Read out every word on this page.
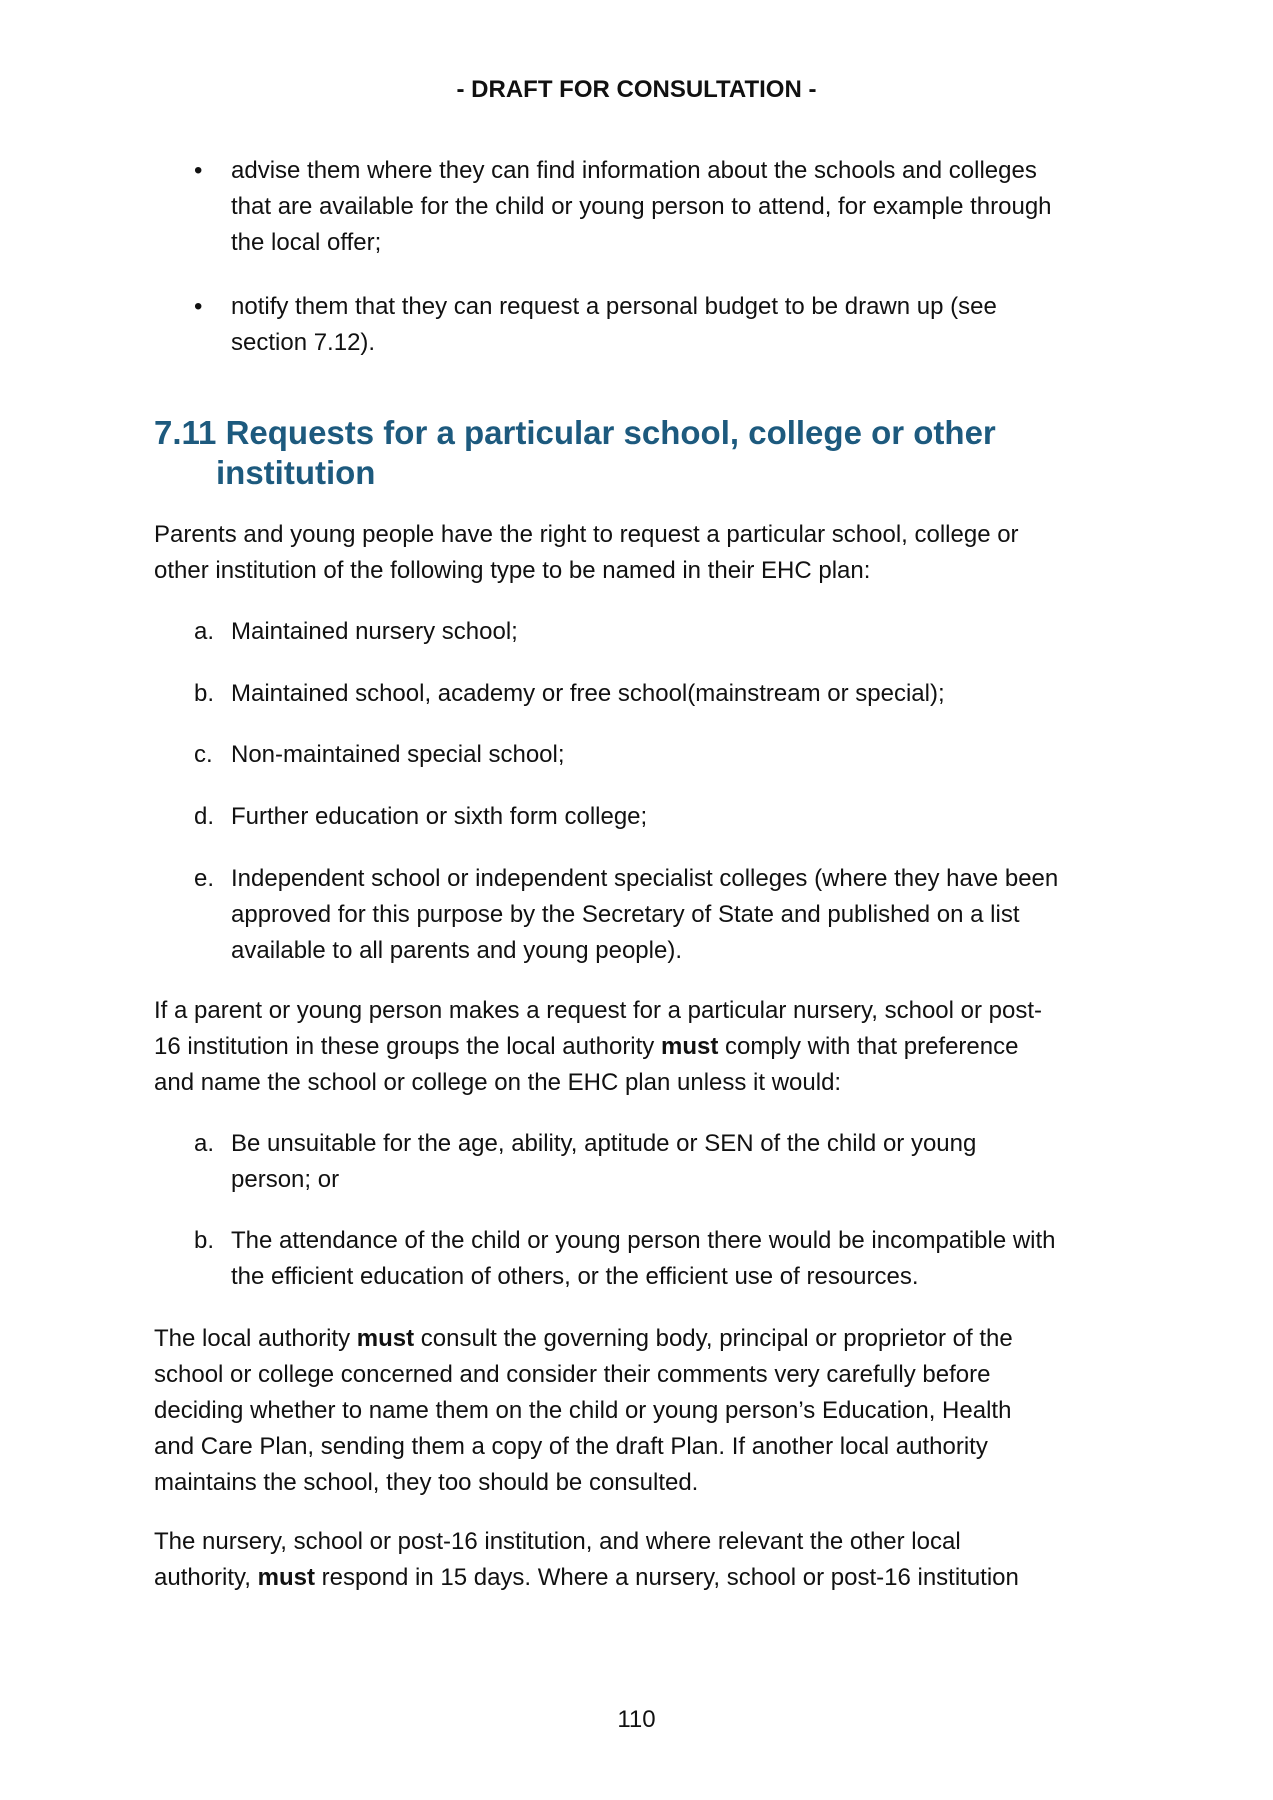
- DRAFT FOR CONSULTATION -
• advise them where they can find information about the schools and colleges
that are available for the child or young person to attend, for example through
the local offer;
• notify them that they can request a personal budget to be drawn up (see
section 7.12).
7.11 Requests for a particular school, college or other
institution
Parents and young people have the right to request a particular school, college or
other institution of the following type to be named in their EHC plan:
a. Maintained nursery school;
b. Maintained school, academy or free school(mainstream or special);
c. Non-maintained special school;
d. Further education or sixth form college;
e. Independent school or independent specialist colleges (where they have been
approved for this purpose by the Secretary of State and published on a list
available to all parents and young people).
If a parent or young person makes a request for a particular nursery, school or post-
16 institution in these groups the local authority must comply with that preference
and name the school or college on the EHC plan unless it would:
a. Be unsuitable for the age, ability, aptitude or SEN of the child or young
person; or
b. The attendance of the child or young person there would be incompatible with
the efficient education of others, or the efficient use of resources.
The local authority must consult the governing body, principal or proprietor of the
school or college concerned and consider their comments very carefully before
deciding whether to name them on the child or young person’s Education, Health
and Care Plan, sending them a copy of the draft Plan. If another local authority
maintains the school, they too should be consulted.
The nursery, school or post-16 institution, and where relevant the other local
authority, must respond in 15 days. Where a nursery, school or post-16 institution
110
